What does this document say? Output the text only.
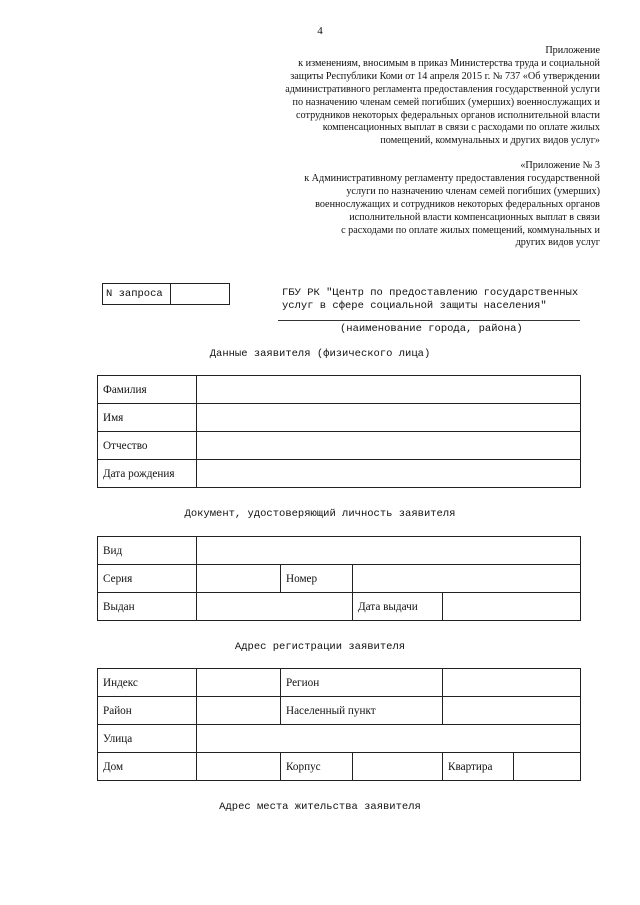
4
Приложение
к изменениям, вносимым в приказ Министерства труда и социальной
защиты Республики Коми от 14 апреля 2015 г. № 737 «Об утверждении
административного регламента предоставления государственной услуги
по назначению членам семей погибших (умерших) военнослужащих и
сотрудников некоторых федеральных органов исполнительной власти
компенсационных выплат в связи с расходами по оплате жилых
помещений, коммунальных и других видов услуг»
«Приложение № 3
к Административному регламенту предоставления государственной
услуги по назначению членам семей погибших (умерших)
военнослужащих и сотрудников некоторых федеральных органов
исполнительной власти компенсационных выплат в связи
с расходами по оплате жилых помещений, коммунальных и
других видов услуг
N запроса	ГБУ РК "Центр по предоставлению государственных
услуг в сфере социальной защиты населения"
(наименование города, района)
Данные заявителя (физического лица)
Фамилия	
Имя	
Отчество	
Дата рождения	
Документ, удостоверяющий личность заявителя
Вид				
Серия		Номер		
Выдан			Дата выдачи	
Адрес регистрации заявителя
Индекс		Регион			
Район		Населенный пункт			
Улица					
Дом		Корпус		Квартира	
Адрес места жительства заявителя
